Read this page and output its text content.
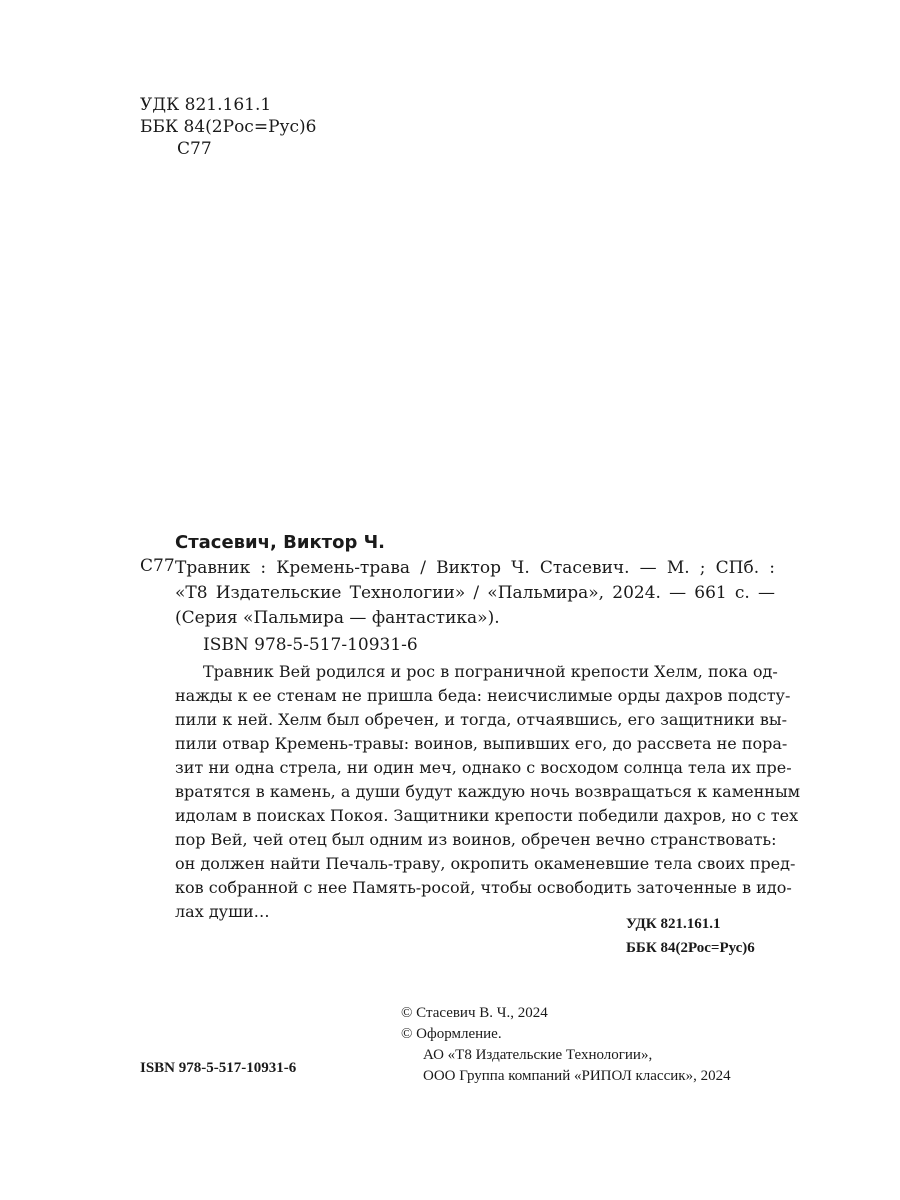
УДК 821.161.1
ББК 84(2Рос=Рус)6
С77
Стасевич, Виктор Ч.
С77 Травник : Кремень-трава / Виктор Ч. Стасевич. — М. ; СПб. :
«Т8 Издательские Технологии» / «Пальмира», 2024. — 661 с. —
(Серия «Пальмира — фантастика»).
ISBN 978-5-517-10931-6
Травник Вей родился и рос в пограничной крепости Хелм, пока од-
нажды к ее стенам не пришла беда: неисчислимые орды дахров подсту-
пили к ней. Хелм был обречен, и тогда, отчаявшись, его защитники вы-
пили отвар Кремень-травы: воинов, выпивших его, до рассвета не пора-
зит ни одна стрела, ни один меч, однако с восходом солнца тела их пре-
вратятся в камень, а души будут каждую ночь возвращаться к каменным
идолам в поисках Покоя. Защитники крепости победили дахров, но с тех
пор Вей, чей отец был одним из воинов, обречен вечно странствовать:
он должен найти Печаль-траву, окропить окаменевшие тела своих пред-
ков собранной с нее Память-росой, чтобы освободить заточенные в идо-
лах души…
УДК 821.161.1
ББК 84(2Рос=Рус)6
© Стасевич В. Ч., 2024
© Оформление.
АО «Т8 Издательские Технологии»,
ООО Группа компаний «РИПОЛ классик», 2024
ISBN 978-5-517-10931-6
